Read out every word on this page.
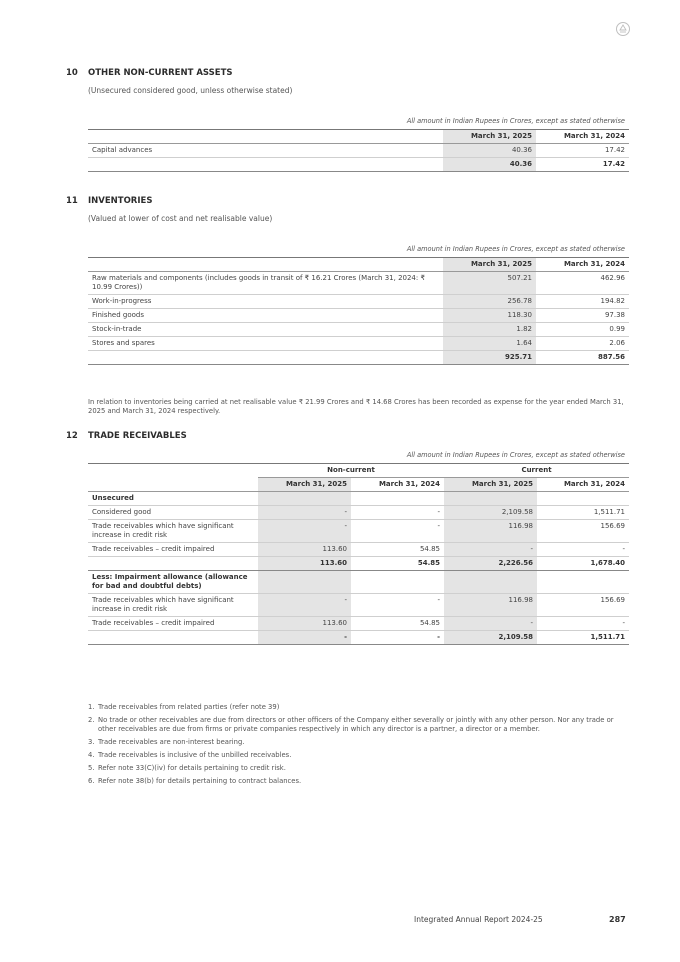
10 OTHER NON-CURRENT ASSETS
(Unsecured considered good, unless otherwise stated)
All amount in Indian Rupees in Crores, except as stated otherwise		
	March 31, 2025	March 31, 2024
Capital advances	40.36	17.42
	40.36	17.42
11 INVENTORIES
(Valued at lower of cost and net realisable value)
All amount in Indian Rupees in Crores, except as stated otherwise		
	March 31, 2025	March 31, 2024
Raw materials and components (includes goods in transit of ₹ 16.21 Crores (March 31, 2024: ₹ 10.99 Crores))	507.21	462.96
Work-in-progress	256.78	194.82
Finished goods	118.30	97.38
Stock-in-trade	1.82	0.99
Stores and spares	1.64	2.06
	925.71	887.56
In relation to inventories being carried at net realisable value ₹ 21.99 Crores and ₹ 14.68 Crores has been recorded as expense for the year ended March 31, 2025 and March 31, 2024 respectively.
12 TRADE RECEIVABLES
All amount in Indian Rupees in Crores, except as stated otherwise				
	Non-current		Current	
	March 31, 2025	March 31, 2024	March 31, 2025	March 31, 2024
Unsecured				
Considered good	-	-	2,109.58	1,511.71
Trade receivables which have significant increase in credit risk	-	-	116.98	156.69
Trade receivables – credit impaired	113.60	54.85	-	-
	113.60	54.85	2,226.56	1,678.40
Less: Impairment allowance (allowance for bad and doubtful debts)				
Trade receivables which have significant increase in credit risk	-	-	116.98	156.69
Trade receivables – credit impaired	113.60	54.85	-	-
	-	-	2,109.58	1,511.71
1. Trade receivables from related parties (refer note 39)
2. No trade or other receivables are due from directors or other officers of the Company either severally or jointly with any other person. Nor any trade or other receivables are due from firms or private companies respectively in which any director is a partner, a director or a member.
3. Trade receivables are non-interest bearing.
4. Trade receivables is inclusive of the unbilled receivables.
5. Refer note 33(C)(iv) for details pertaining to credit risk.
6. Refer note 38(b) for details pertaining to contract balances.
Integrated Annual Report 2024-25	287
